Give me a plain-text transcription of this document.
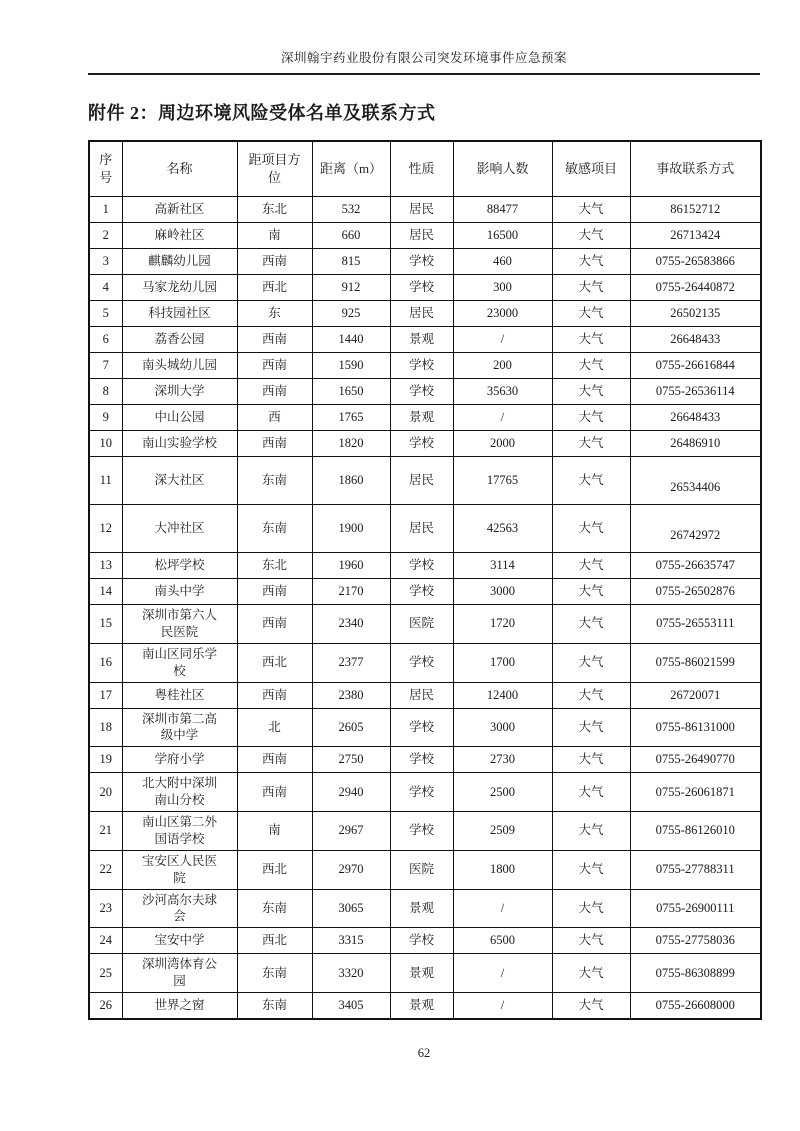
深圳翰宇药业股份有限公司突发环境事件应急预案
附件 2：周边环境风险受体名单及联系方式
序号	名称	距项目方位	距离（m）	性质	影响人数	敏感项目	事故联系方式
1	高新社区	东北	532	居民	88477	大气	86152712
2	麻岭社区	南	660	居民	16500	大气	26713424
3	麒麟幼儿园	西南	815	学校	460	大气	0755-26583866
4	马家龙幼儿园	西北	912	学校	300	大气	0755-26440872
5	科技园社区	东	925	居民	23000	大气	26502135
6	荔香公园	西南	1440	景观	/	大气	26648433
7	南头城幼儿园	西南	1590	学校	200	大气	0755-26616844
8	深圳大学	西南	1650	学校	35630	大气	0755-26536114
9	中山公园	西	1765	景观	/	大气	26648433
10	南山实验学校	西南	1820	学校	2000	大气	26486910
11	深大社区	东南	1860	居民	17765	大气	26534406
12	大冲社区	东南	1900	居民	42563	大气	26742972
13	松坪学校	东北	1960	学校	3114	大气	0755-26635747
14	南头中学	西南	2170	学校	3000	大气	0755-26502876
15	深圳市第六人民医院	西南	2340	医院	1720	大气	0755-26553111
16	南山区同乐学校	西北	2377	学校	1700	大气	0755-86021599
17	粤桂社区	西南	2380	居民	12400	大气	26720071
18	深圳市第二高级中学	北	2605	学校	3000	大气	0755-86131000
19	学府小学	西南	2750	学校	2730	大气	0755-26490770
20	北大附中深圳南山分校	西南	2940	学校	2500	大气	0755-26061871
21	南山区第二外国语学校	南	2967	学校	2509	大气	0755-86126010
22	宝安区人民医院	西北	2970	医院	1800	大气	0755-27788311
23	沙河高尔夫球会	东南	3065	景观	/	大气	0755-26900111
24	宝安中学	西北	3315	学校	6500	大气	0755-27758036
25	深圳湾体育公园	东南	3320	景观	/	大气	0755-86308899
26	世界之窗	东南	3405	景观	/	大气	0755-26608000
62
